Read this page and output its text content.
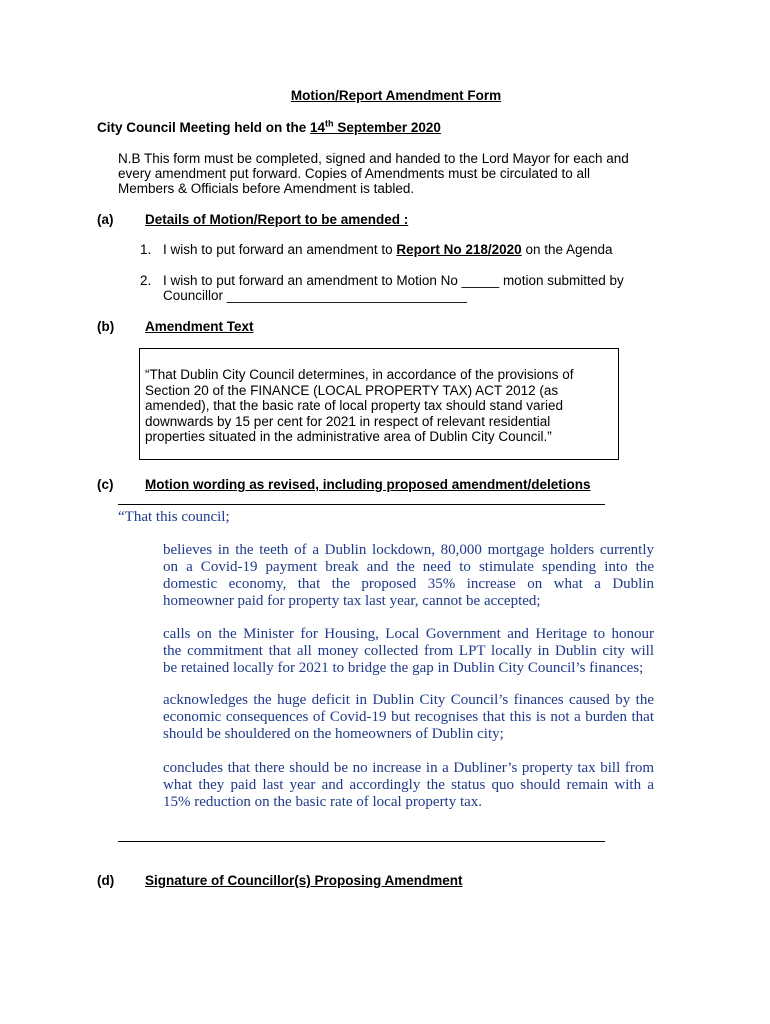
Motion/Report Amendment Form
City Council Meeting held on the 14th September 2020
N.B This form must be completed, signed and handed to the Lord Mayor for each and
every amendment put forward. Copies of Amendments must be circulated to all
Members & Officials before Amendment is tabled.
(a) Details of Motion/Report to be amended :
1. I wish to put forward an amendment to Report No 218/2020 on the Agenda
2. I wish to put forward an amendment to Motion No _____ motion submitted by
Councillor ________________________________
(b) Amendment Text
“That Dublin City Council determines, in accordance of the provisions of
Section 20 of the FINANCE (LOCAL PROPERTY TAX) ACT 2012 (as
amended), that the basic rate of local property tax should stand varied
downwards by 15 per cent for 2021 in respect of relevant residential
properties situated in the administrative area of Dublin City Council.”
(c) Motion wording as revised, including proposed amendment/deletions
“That this council;
believes in the teeth of a Dublin lockdown, 80,000 mortgage holders currently
on a Covid-19 payment break and the need to stimulate spending into the
domestic economy, that the proposed 35% increase on what a Dublin
homeowner paid for property tax last year, cannot be accepted;
calls on the Minister for Housing, Local Government and Heritage to honour
the commitment that all money collected from LPT locally in Dublin city will
be retained locally for 2021 to bridge the gap in Dublin City Council’s finances;
acknowledges the huge deficit in Dublin City Council’s finances caused by the
economic consequences of Covid-19 but recognises that this is not a burden that
should be shouldered on the homeowners of Dublin city;
concludes that there should be no increase in a Dubliner’s property tax bill from
what they paid last year and accordingly the status quo should remain with a
15% reduction on the basic rate of local property tax.
(d) Signature of Councillor(s) Proposing Amendment
